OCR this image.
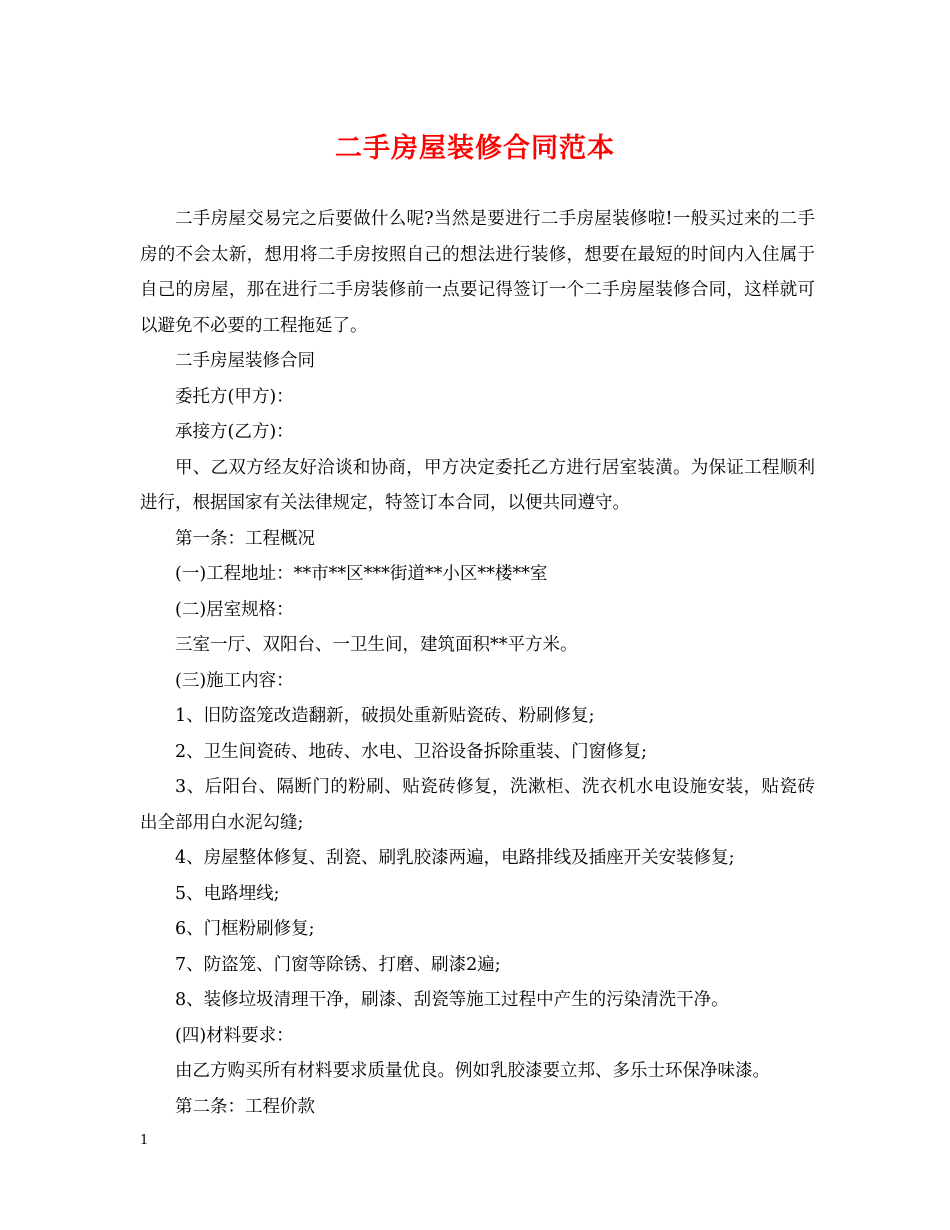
二手房屋装修合同范本

二手房屋交易完之后要做什么呢?当然是要进行二手房屋装修啦!一般买过来的二手房的不会太新，想用将二手房按照自己的想法进行装修，想要在最短的时间内入住属于自己的房屋，那在进行二手房装修前一点要记得签订一个二手房屋装修合同，这样就可以避免不必要的工程拖延了。

二手房屋装修合同

委托方(甲方)：

承接方(乙方)：

甲、乙双方经友好洽谈和协商，甲方决定委托乙方进行居室装潢。为保证工程顺利进行，根据国家有关法律规定，特签订本合同，以便共同遵守。

第一条：工程概况

(一)工程地址：**市**区***街道**小区**楼**室

(二)居室规格：

三室一厅、双阳台、一卫生间，建筑面积**平方米。

(三)施工内容：

1、旧防盗笼改造翻新，破损处重新贴瓷砖、粉刷修复;

2、卫生间瓷砖、地砖、水电、卫浴设备拆除重装、门窗修复;

3、后阳台、隔断门的粉刷、贴瓷砖修复，洗漱柜、洗衣机水电设施安装，贴瓷砖出全部用白水泥勾缝;

4、房屋整体修复、刮瓷、刷乳胶漆两遍，电路排线及插座开关安装修复;

5、电路埋线;

6、门框粉刷修复;

7、防盗笼、门窗等除锈、打磨、刷漆2遍;

8、装修垃圾清理干净，刷漆、刮瓷等施工过程中产生的污染清洗干净。

(四)材料要求：

由乙方购买所有材料要求质量优良。例如乳胶漆要立邦、多乐士环保净味漆。

第二条：工程价款

1
